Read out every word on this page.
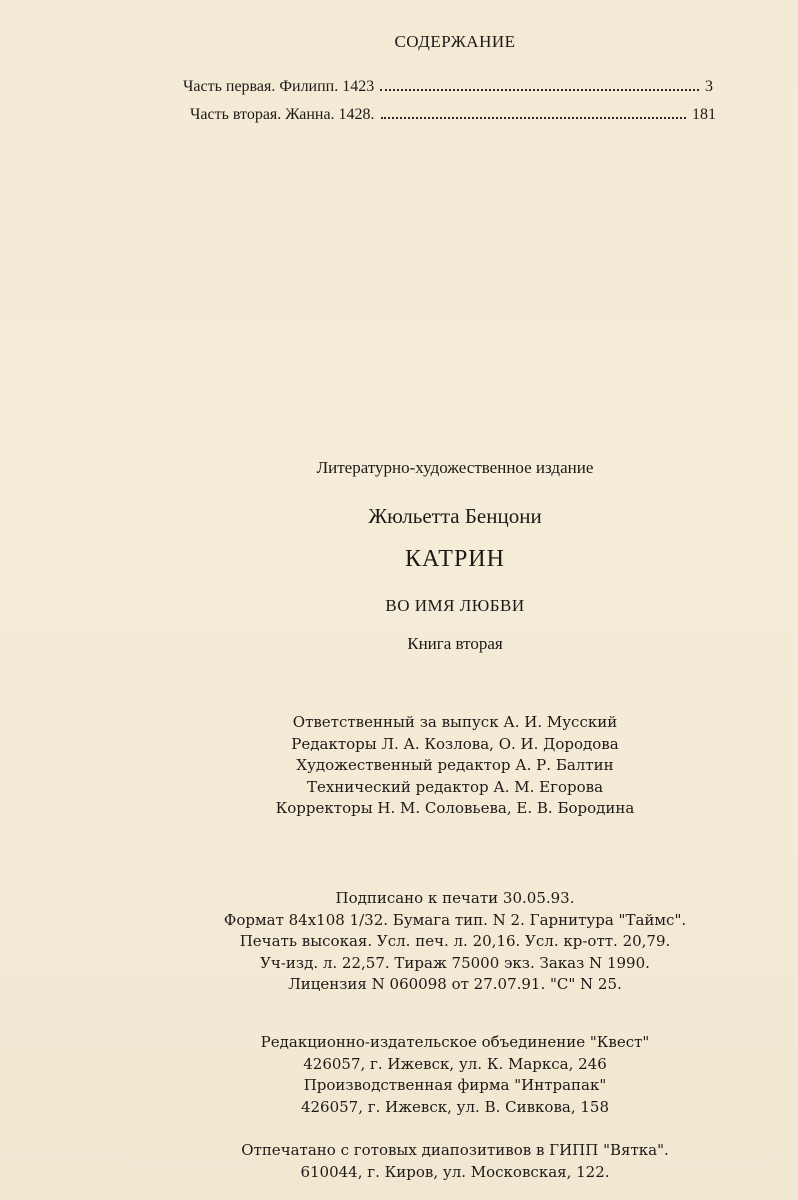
СОДЕРЖАНИЕ
Часть первая. Филипп. 1423	3
Часть вторая. Жанна. 1428.	181
Литературно-художественное издание
Жюльетта Бенцони
КАТРИН
ВО ИМЯ ЛЮБВИ
Книга вторая
Ответственный за выпуск А. И. Мусский
Редакторы Л. А. Козлова, О. И. Дородова
Художественный редактор А. Р. Балтин
Технический редактор А. М. Егорова
Корректоры Н. М. Соловьева, Е. В. Бородина
Подписано к печати 30.05.93.
Формат 84x108 1/32. Бумага тип. N 2. Гарнитура "Таймс".
Печать высокая. Усл. печ. л. 20,16. Усл. кр-отт. 20,79.
Уч-изд. л. 22,57. Тираж 75000 экз. Заказ N 1990.
Лицензия N 060098 от 27.07.91. "С" N 25.
Редакционно-издательское объединение "Квест"
426057, г. Ижевск, ул. К. Маркса, 246
Производственная фирма "Интрапак"
426057, г. Ижевск, ул. В. Сивкова, 158
Отпечатано с готовых диапозитивов в ГИПП "Вятка".
610044, г. Киров, ул. Московская, 122.
